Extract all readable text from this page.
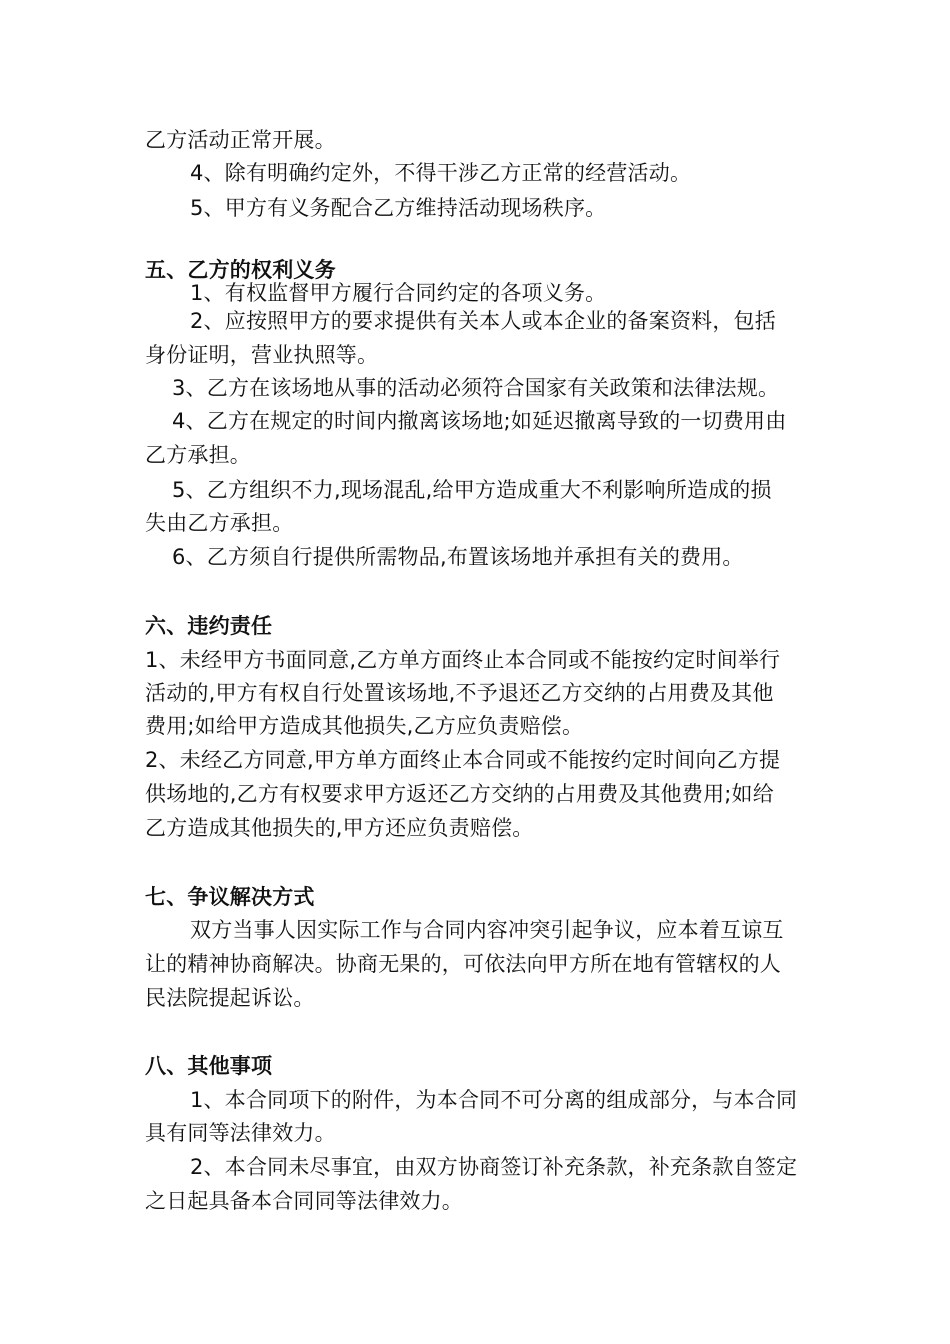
乙方活动正常开展。
4、除有明确约定外，不得干涉乙方正常的经营活动。
5、甲方有义务配合乙方维持活动现场秩序。
五、乙方的权利义务
1、有权监督甲方履行合同约定的各项义务。
2、应按照甲方的要求提供有关本人或本企业的备案资料，包括
身份证明，营业执照等。
3、乙方在该场地从事的活动必须符合国家有关政策和法律法规。
4、乙方在规定的时间内撤离该场地;如延迟撤离导致的一切费用由
乙方承担。
5、乙方组织不力,现场混乱,给甲方造成重大不利影响所造成的损
失由乙方承担。
6、乙方须自行提供所需物品,布置该场地并承担有关的费用。
六、违约责任
1、未经甲方书面同意,乙方单方面终止本合同或不能按约定时间举行
活动的,甲方有权自行处置该场地,不予退还乙方交纳的占用费及其他
费用;如给甲方造成其他损失,乙方应负责赔偿。
2、未经乙方同意,甲方单方面终止本合同或不能按约定时间向乙方提
供场地的,乙方有权要求甲方返还乙方交纳的占用费及其他费用;如给
乙方造成其他损失的,甲方还应负责赔偿。
七、争议解决方式
双方当事人因实际工作与合同内容冲突引起争议，应本着互谅互
让的精神协商解决。协商无果的，可依法向甲方所在地有管辖权的人
民法院提起诉讼。
八、其他事项
1、本合同项下的附件，为本合同不可分离的组成部分，与本合同
具有同等法律效力。
2、本合同未尽事宜，由双方协商签订补充条款，补充条款自签定
之日起具备本合同同等法律效力。
